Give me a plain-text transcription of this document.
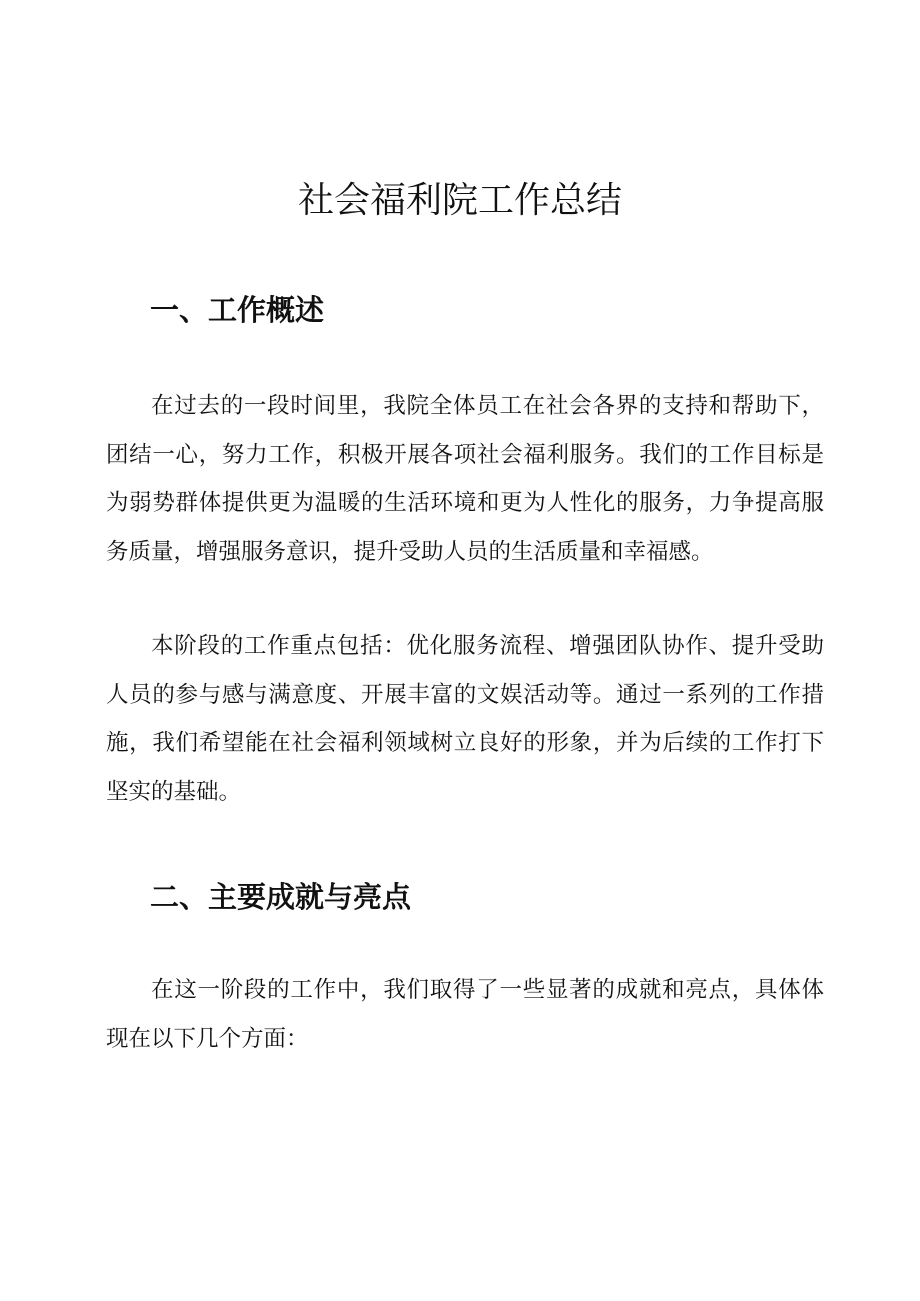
社会福利院工作总结
一、工作概述

在过去的一段时间里，我院全体员工在社会各界的支持和帮助下，团结一心，努力工作，积极开展各项社会福利服务。我们的工作目标是为弱势群体提供更为温暖的生活环境和更为人性化的服务，力争提高服务质量，增强服务意识，提升受助人员的生活质量和幸福感。

本阶段的工作重点包括：优化服务流程、增强团队协作、提升受助人员的参与感与满意度、开展丰富的文娱活动等。通过一系列的工作措施，我们希望能在社会福利领域树立良好的形象，并为后续的工作打下坚实的基础。

二、主要成就与亮点

在这一阶段的工作中，我们取得了一些显著的成就和亮点，具体体现在以下几个方面：
